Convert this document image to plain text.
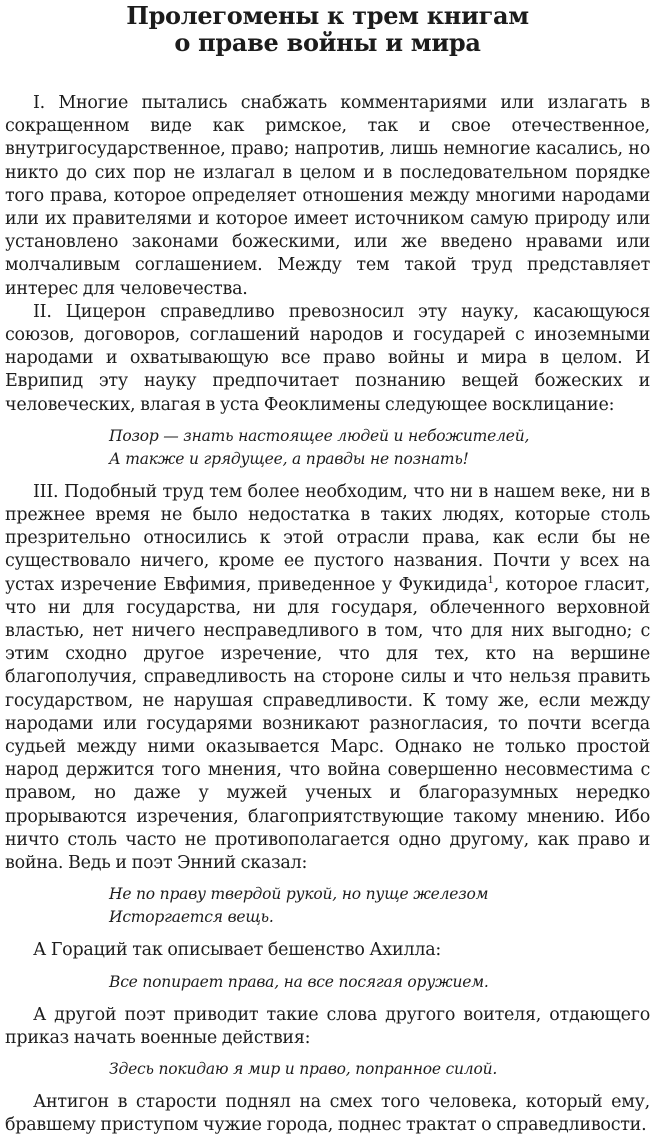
Пролегомены к трем книгам
о праве войны и мира

I. Многие пытались снабжать комментариями или излагать в сокращенном виде как римское, так и свое отечественное, внутригосударственное, право; напротив, лишь немногие касались, но никто до сих пор не излагал в целом и в последовательном порядке того права, которое определяет отношения между многими народами или их правителями и которое имеет источником самую природу или установлено законами божескими, или же введено нравами или молчаливым соглашением. Между тем такой труд представляет интерес для человечества.

II. Цицерон справедливо превозносил эту науку, касающуюся союзов, договоров, соглашений народов и государей с иноземными народами и охватывающую все право войны и мира в целом. И Еврипид эту науку предпочитает познанию вещей божеских и человеческих, влагая в уста Феоклимены следующее восклицание:

Позор — знать настоящее людей и небожителей,
А также и грядущее, а правды не познать!

III. Подобный труд тем более необходим, что ни в нашем веке, ни в прежнее время не было недостатка в таких людях, которые столь презрительно относились к этой отрасли права, как если бы не существовало ничего, кроме ее пустого названия. Почти у всех на устах изречение Евфимия, приведенное у Фукидида$^1$, которое гласит, что ни для государства, ни для государя, облеченного верховной властью, нет ничего несправедливого в том, что для них выгодно; с этим сходно другое изречение, что для тех, кто на вершине благополучия, справедливость на стороне силы и что нельзя править государством, не нарушая справедливости. К тому же, если между народами или государями возникают разногласия, то почти всегда судьей между ними оказывается Марс. Однако не только простой народ держится того мнения, что война совершенно несовместима с правом, но даже у мужей ученых и благоразумных нередко прорываются изречения, благоприятствующие такому мнению. Ибо ничто столь часто не противополагается одно другому, как право и война. Ведь и поэт Энний сказал:

Не по праву твердой рукой, но пуще железом
Исторгается вещь.

А Гораций так описывает бешенство Ахилла:

Все попирает права, на все посягая оружием.

А другой поэт приводит такие слова другого воителя, отдающего приказ начать военные действия:

Здесь покидаю я мир и право, попранное силой.

Антигон в старости поднял на смех того человека, который ему, бравшему приступом чужие города, поднес трактат о справедливости.
